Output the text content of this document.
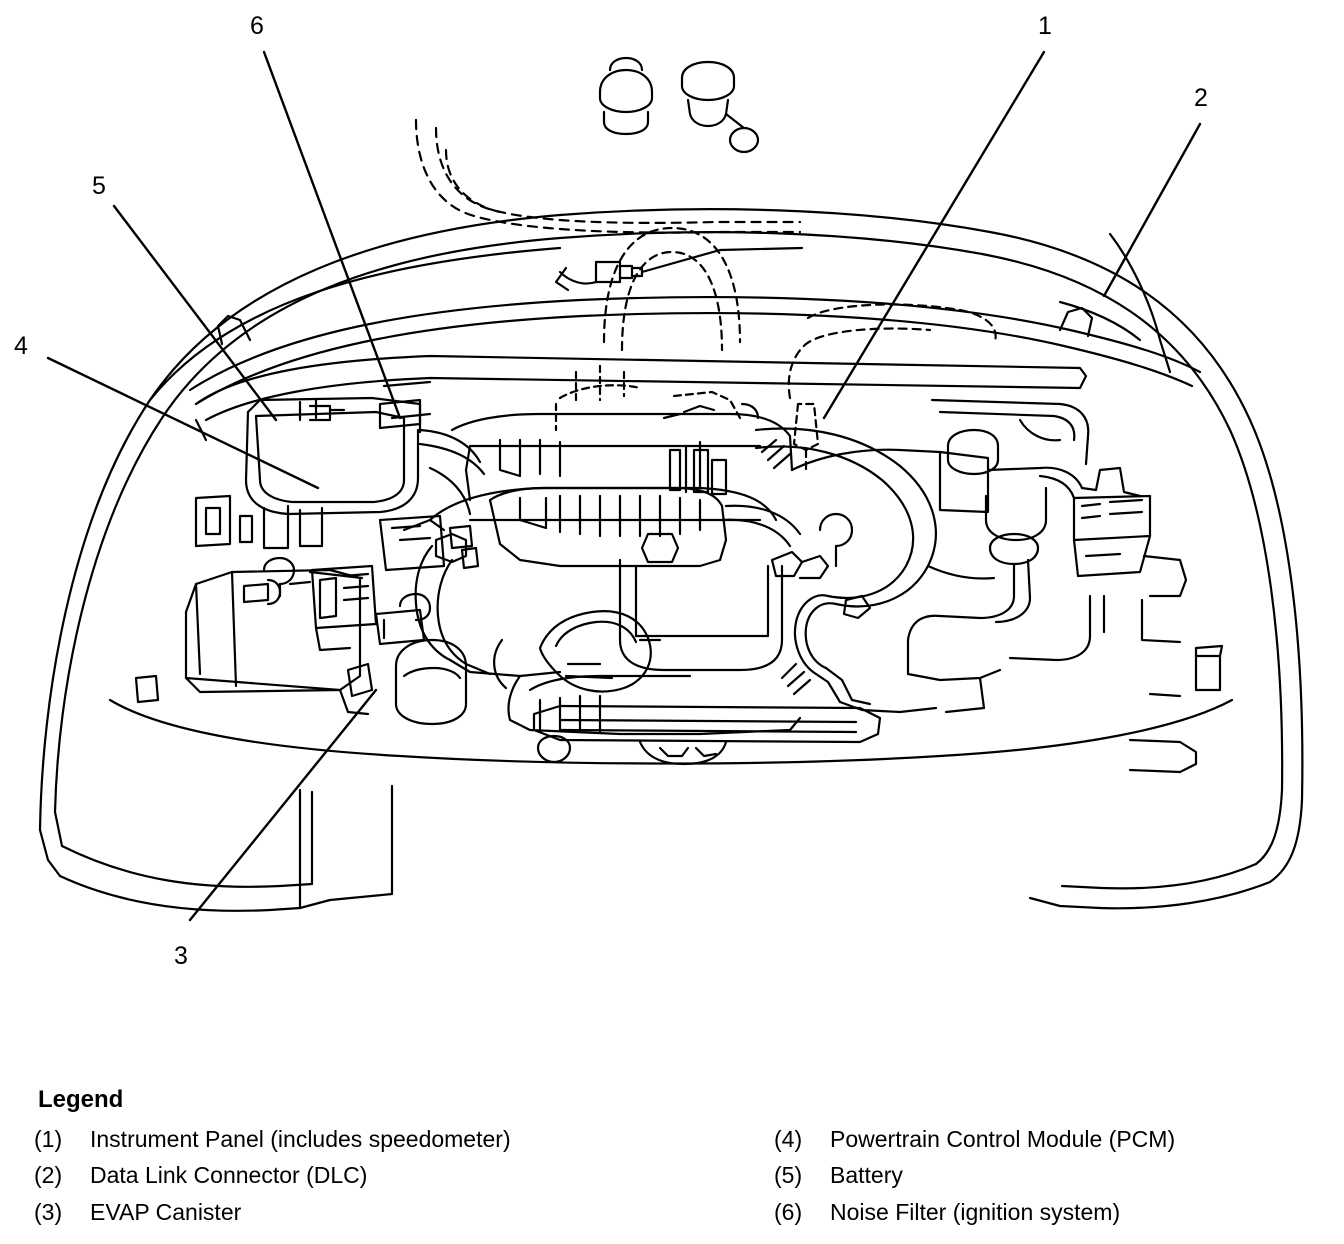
1
2
3
4
5
6
Legend
(1)	Instrument Panel (includes speedometer)
(2)	Data Link Connector (DLC)
(3)	EVAP Canister
(4)	Powertrain Control Module (PCM)
(5)	Battery
(6)	Noise Filter (ignition system)
